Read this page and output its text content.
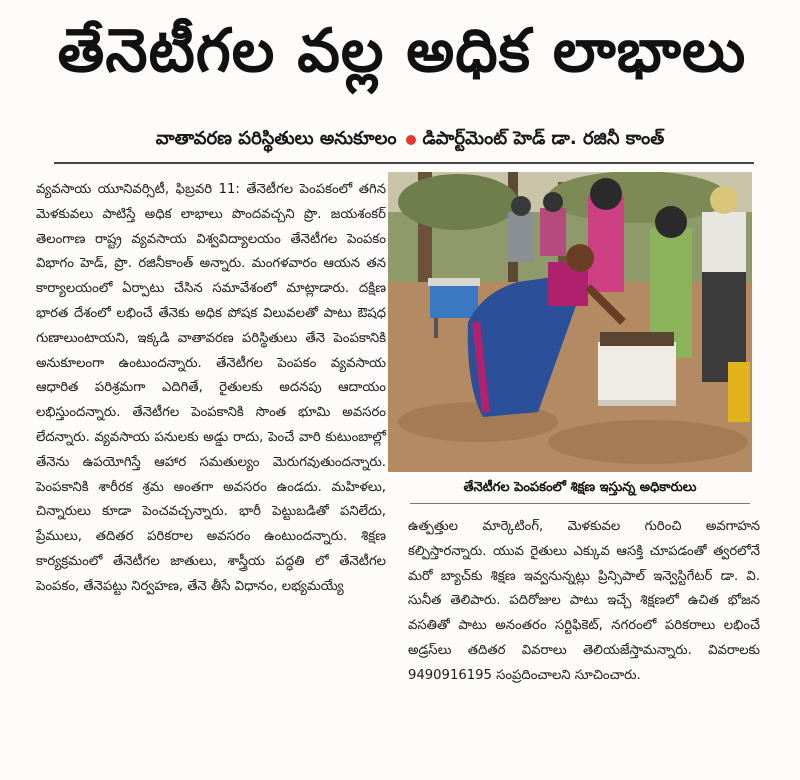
తేనెటీగల వల్ల అధిక లాభాలు
వాతావరణ పరిస్థితులు అనుకూలం డిపార్ట్‌మెంట్ హెడ్ డా. రజినీ కాంత్

వ్యవసాయ యూనివర్సిటీ, ఫిబ్రవరి 11: తేనెటీగల పెంపకంలో తగిన మెళకువలు పాటిస్తే అధిక లాభాలు పొందవచ్చని ప్రొ. జయశంకర్ తెలంగాణ రాష్ట్ర వ్యవసాయ విశ్వవిద్యాలయం తేనెటీగల పెంపకం విభాగం హెడ్, ప్రొ. రజినీకాంత్ అన్నారు. మంగళవారం ఆయన తన కార్యాలయంలో ఏర్పాటు చేసిన సమావేశంలో మాట్లాడారు. దక్షిణ భారత దేశంలో లభించే తేనెకు అధిక పోషక విలువలతో పాటు ఔషధ గుణాలుంటాయని, ఇక్కడి వాతావరణ పరిస్థితులు తేనె పెంపకానికి అనుకూలంగా ఉంటుందన్నారు. తేనెటీగల పెంపకం వ్యవసాయ ఆధారిత పరిశ్రమగా ఎదిగితే, రైతులకు అదనపు ఆదాయం లభిస్తుందన్నారు. తేనెటీగల పెంపకానికి సొంత భూమి అవసరం లేదన్నారు. వ్యవసాయ పనులకు అడ్డు రాదు, పెంచే వారి కుటుంబాల్లో తేనెను ఉపయోగిస్తే ఆహార సమతుల్యం మెరుగవుతుందన్నారు. పెంపకానికి శారీరక శ్రమ అంతగా అవసరం ఉండదు. మహిళలు, చిన్నారులు కూడా పెంచవచ్చన్నారు. భారీ పెట్టుబడితో పనిలేదు, ప్రేములు, తదితర పరికరాల అవసరం ఉంటుందన్నారు. శిక్షణ కార్యక్రమంలో తేనెటీగల జాతులు, శాస్త్రీయ పద్ధతి లో తేనెటీగల పెంపకం, తేనెపట్టు నిర్వహణ, తేనె తీసే విధానం, లభ్యమయ్యే

తేనెటీగల పెంపకంలో శిక్షణ ఇస్తున్న అధికారులు

ఉత్పత్తుల మార్కెటింగ్, మెళకువల గురించి అవగాహన కల్పిస్తారన్నారు. యువ రైతులు ఎక్కువ ఆసక్తి చూపడంతో త్వరలోనే మరో బ్యాచ్‌కు శిక్షణ ఇవ్వనున్నట్లు ప్రిన్సిపాల్ ఇన్వెస్టిగేటర్ డా. వి. సునీత తెలిపారు. పదిరోజుల పాటు ఇచ్చే శిక్షణలో ఉచిత భోజన వసతితో పాటు అనంతరం సర్టిఫికెట్, నగరంలో పరికరాలు లభించే అడ్రస్‌లు తదితర వివరాలు తెలియజేస్తామన్నారు. వివరాలకు 9490916195 సంప్రదించాలని సూచించారు.
